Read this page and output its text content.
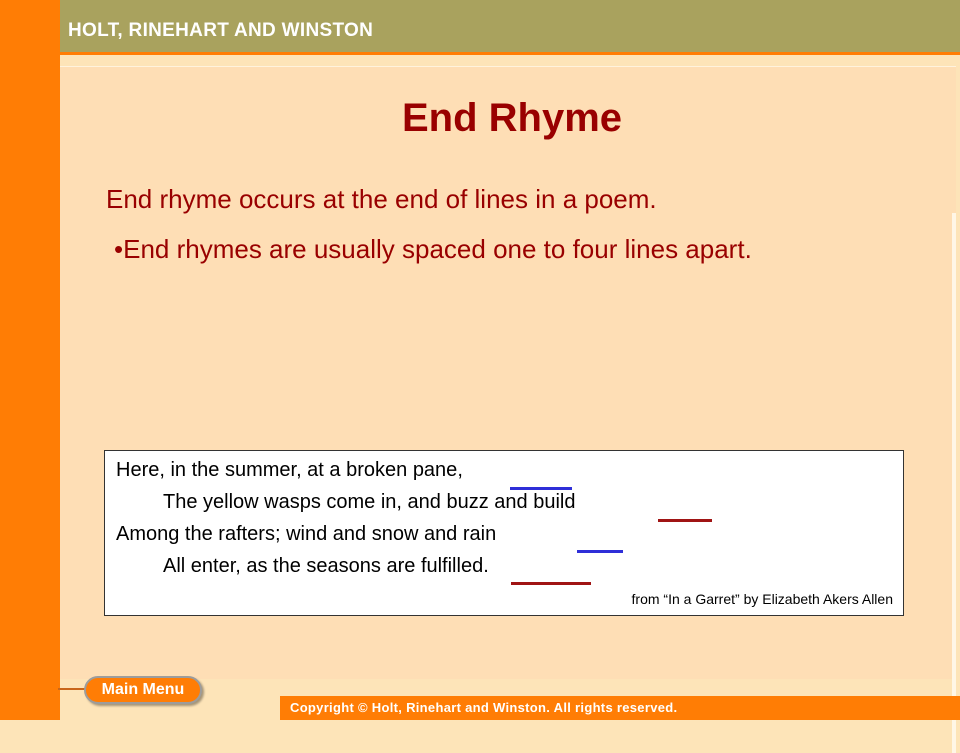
HOLT, RINEHART AND WINSTON
End Rhyme
End rhyme occurs at the end of lines in a poem.
•End rhymes are usually spaced one to four lines apart.
Here, in the summer, at a broken pane,
The yellow wasps come in, and buzz and build
Among the rafters; wind and snow and rain
All enter, as the seasons are fulfilled.
from “In a Garret” by Elizabeth Akers Allen
Main Menu
Copyright © Holt, Rinehart and Winston. All rights reserved.
